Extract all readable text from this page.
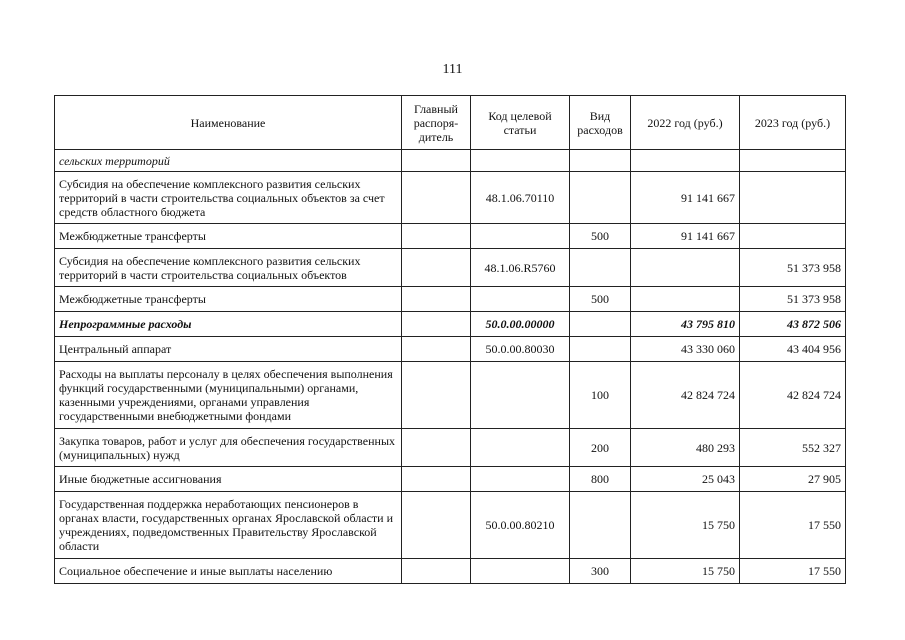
111
Наименование	Главный распоря-дитель	Код целевой статьи	Вид расходов	2022 год (руб.)	2023 год (руб.)
сельских территорий					
Субсидия на обеспечение комплексного развития сельских территорий в части строительства социальных объектов за счет средств областного бюджета		48.1.06.70110		91 141 667	
Межбюджетные трансферты			500	91 141 667	
Субсидия на обеспечение комплексного развития сельских территорий в части строительства социальных объектов		48.1.06.R5760			51 373 958
Межбюджетные трансферты			500		51 373 958
Непрограммные расходы		50.0.00.00000		43 795 810	43 872 506
Центральный аппарат		50.0.00.80030		43 330 060	43 404 956
Расходы на выплаты персоналу в целях обеспечения выполнения функций государственными (муниципальными) органами, казенными учреждениями, органами управления государственными внебюджетными фондами			100	42 824 724	42 824 724
Закупка товаров, работ и услуг для обеспечения государственных (муниципальных) нужд			200	480 293	552 327
Иные бюджетные ассигнования			800	25 043	27 905
Государственная поддержка неработающих пенсионеров в органах власти, государственных органах Ярославской области и учреждениях, подведомственных Правительству Ярославской области		50.0.00.80210		15 750	17 550
Социальное обеспечение и иные выплаты населению			300	15 750	17 550
